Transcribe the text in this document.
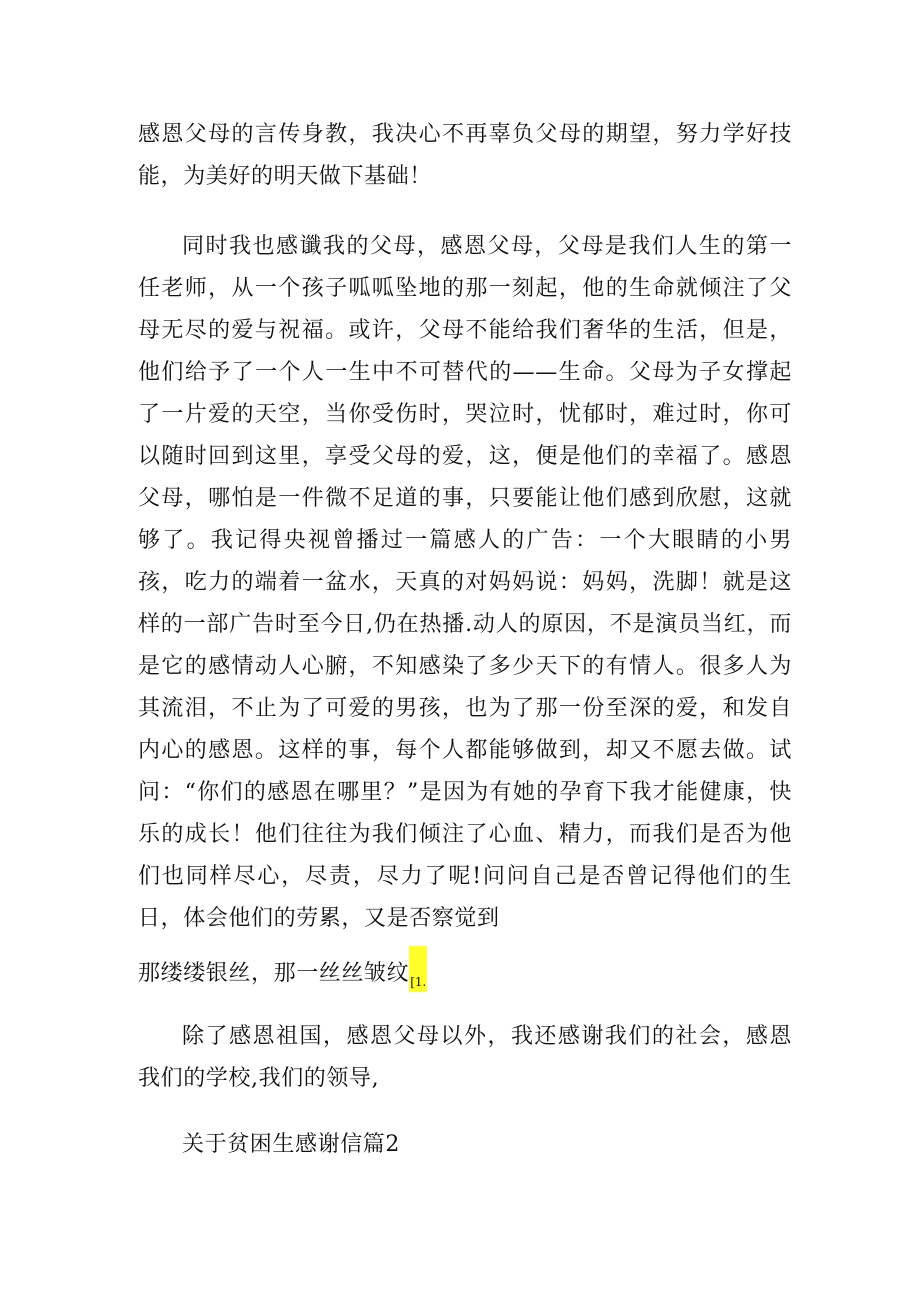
感恩父母的言传身教，我决心不再辜负父母的期望，努力学好技能，为美好的明天做下基础！

同时我也感谶我的父母，感恩父母，父母是我们人生的第一任老师，从一个孩子呱呱坠地的那一刻起，他的生命就倾注了父母无尽的爱与祝福。或许，父母不能给我们奢华的生活，但是，他们给予了一个人一生中不可替代的——生命。父母为子女撑起了一片爱的天空，当你受伤时，哭泣时，忧郁时，难过时，你可以随时回到这里，享受父母的爱，这，便是他们的幸福了。感恩父母，哪怕是一件微不足道的事，只要能让他们感到欣慰，这就够了。我记得央视曾播过一篇感人的广告：一个大眼睛的小男孩，吃力的端着一盆水，天真的对妈妈说：妈妈，洗脚！就是这样的一部广告时至今日,仍在热播.动人的原因，不是演员当红，而是它的感情动人心腑，不知感染了多少天下的有情人。很多人为其流泪，不止为了可爱的男孩，也为了那一份至深的爱，和发自内心的感恩。这样的事，每个人都能够做到，却又不愿去做。试问：“你们的感恩在哪里？”是因为有她的孕育下我才能健康，快乐的成长！他们往往为我们倾注了心血、精力，而我们是否为他们也同样尽心，尽责，尽力了呢!问问自己是否曾记得他们的生日，体会他们的劳累，又是否察觉到

那缕缕银丝，那一丝丝皱纹[1.

除了感恩祖国，感恩父母以外，我还感谢我们的社会，感恩我们的学校,我们的领导,

关于贫困生感谢信篇2
